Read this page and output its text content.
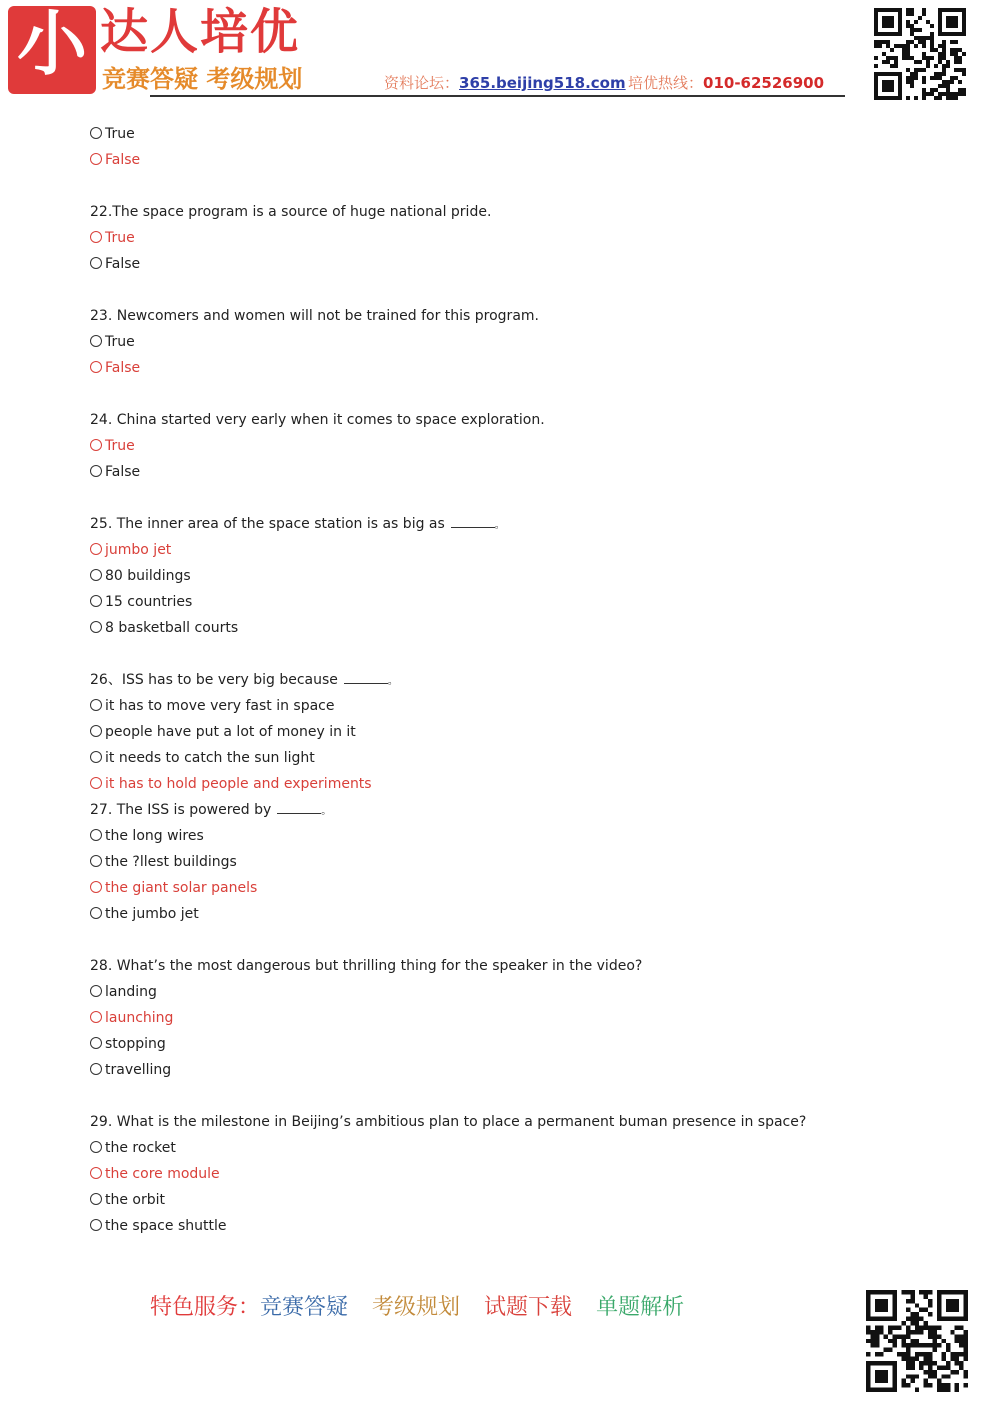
小 达人培优
竞赛答疑 考级规划	资料论坛：365.beijing518.com 培优热线：010-62526900
True
False
22.The space program is a source of huge national pride.
True
False
23. Newcomers and women will not be trained for this program.
True
False
24. China started very early when it comes to space exploration.
True
False
25. The inner area of the space station is as big as	。
jumbo jet
80 buildings
15 countries
8 basketball courts
26、ISS has to be very big because	。
it has to move very fast in space
people have put a lot of money in it
it needs to catch the sun light
it has to hold people and experiments
27. The ISS is powered by	。
the long wires
the ?llest buildings
the giant solar panels
the jumbo jet
28. What’s the most dangerous but thrilling thing for the speaker in the video?
landing
launching
stopping
travelling
29. What is the milestone in Beijing’s ambitious plan to place a permanent buman presence in space?
the rocket
the core module
the orbit
the space shuttle
特色服务：竞赛答疑 考级规划 试题下载 单题解析
